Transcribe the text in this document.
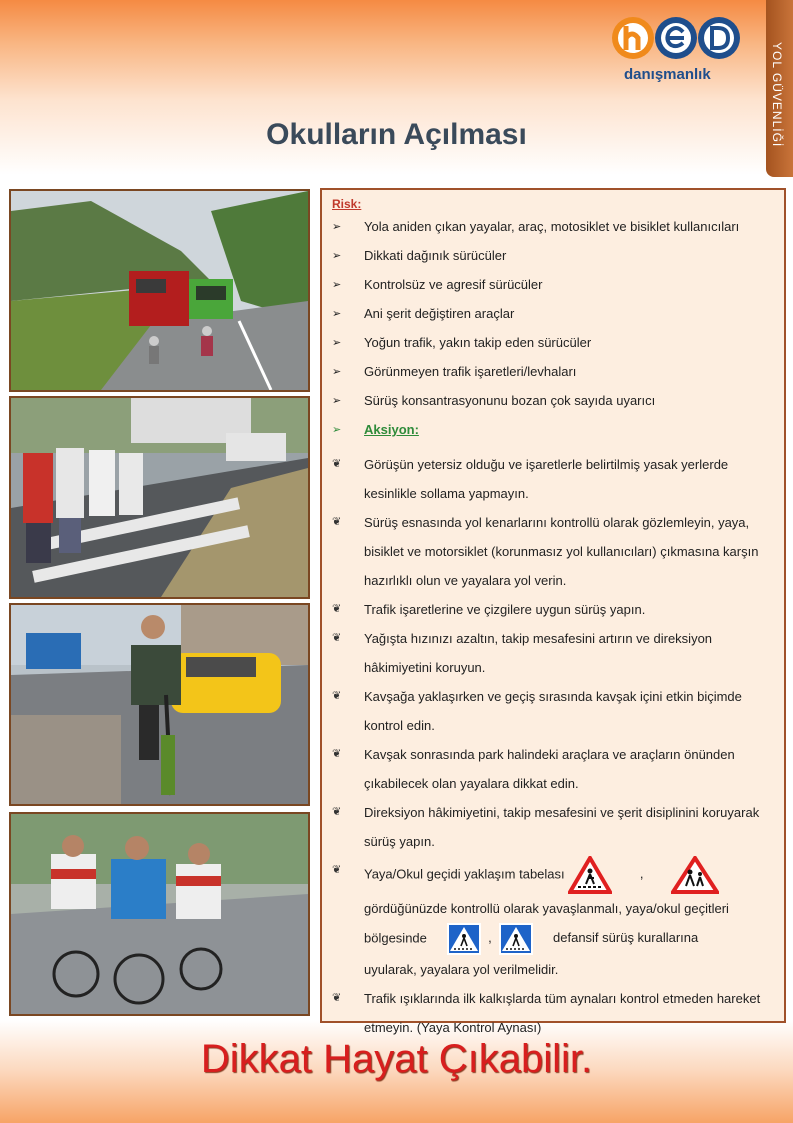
danışmanlık	YOL GÜVENLİĞİ
Okulların Açılması
Risk:
➢	Yola aniden çıkan yayalar, araç, motosiklet ve bisiklet kullanıcıları
➢	Dikkati dağınık sürücüler
➢	Kontrolsüz ve agresif sürücüler
➢	Ani şerit değiştiren araçlar
➢	Yoğun trafik, yakın takip eden sürücüler
➢	Görünmeyen trafik işaretleri/levhaları
➢	Sürüş konsantrasyonunu bozan çok sayıda uyarıcı
➢	Aksiyon:
❦	Görüşün yetersiz olduğu ve işaretlerle belirtilmiş yasak yerlerde kesinlikle sollama yapmayın.
❦	Sürüş esnasında yol kenarlarını kontrollü olarak gözlemleyin, yaya, bisiklet ve motorsiklet (korunmasız yol kullanıcıları) çıkmasına karşın hazırlıklı olun ve yayalara yol verin.
❦	Trafik işaretlerine ve çizgilere uygun sürüş yapın.
❦	Yağışta hızınızı azaltın, takip mesafesini artırın ve direksiyon hâkimiyetini koruyun.
❦	Kavşağa yaklaşırken ve geçiş sırasında kavşak içini etkin biçimde kontrol edin.
❦	Kavşak sonrasında park halindeki araçlara ve araçların önünden çıkabilecek olan yayalara dikkat edin.
❦	Direksiyon hâkimiyetini, takip mesafesini ve şerit disiplinini koruyarak sürüş yapın.
❦	Yaya/Okul geçidi yaklaşım tabelası	,
gördüğünüzde kontrollü olarak yavaşlanmalı, yaya/okul geçitleri
bölgesinde	,	defansif sürüş kurallarına
uyularak, yayalara yol verilmelidir.
❦	Trafik ışıklarında ilk kalkışlarda tüm aynaları kontrol etmeden hareket etmeyin. (Yaya Kontrol Aynası)
Dikkat Hayat Çıkabilir.
